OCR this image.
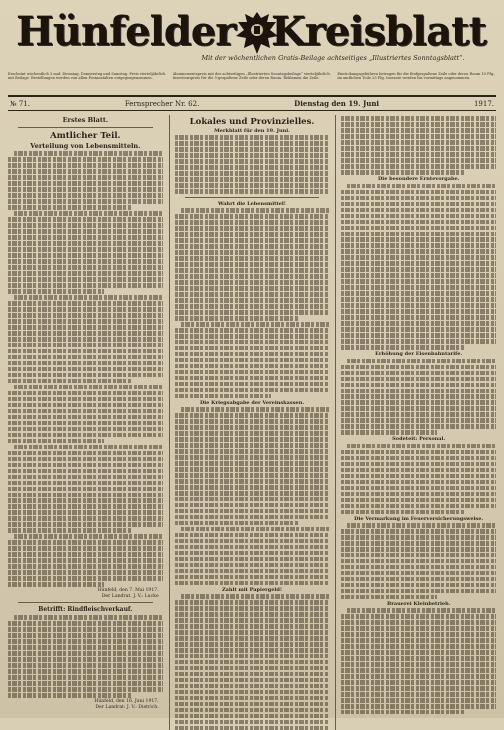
Hünfelder Kreisblatt
Mit der wöchentlichen Gratis-Beilage achtseitiges „Illustriertes Sonntagsblatt“.
Erscheint wöchentlich 3 mal: Dienstag, Donnerstag und Samstag. Preis vierteljährlich mit Beilage. Bestellungen werden von allen Postanstalten entgegengenommen.
Abonnementspreis mit der achtseitigen „Illustrierten Sonntagsbeilage“ vierteljährlich. Insertionspreis für die 5-gespaltene Zeile oder deren Raum. Reklamen die Zeile.
Einrückungsgebühren betragen für die fünfgespaltene Zeile oder deren Raum 10 Pfg., im amtlichen Teile 25 Pfg. Inserate werden bis vormittags angenommen.
№ 71.	Fernsprecher Nr. 62.	Dienstag den 19. Juni	1917.
Erstes Blatt.
Amtlicher Teil.
Verteilung von Lebensmitteln.
Hünfeld, den 7. Mai 1917.
Der Landrat. J. V.: Lucke
Betrifft: Rindfleischverkauf.
Hünfeld, den 16. Juni 1917.
Der Landrat: J. V.: Dietrich.
Lokales und Provinzielles.
Merkblatt für den 19. Juni.
Wahrt die Lebensmittel!
Die Kriegsabgabe der Vereinskassen.
Zahlt mit Papiergeld!
Die besondere Erntevorgabe.
Erhöhung der Eisenbahntarife.
Sodeteit: Personal.
Die Vermarkung im Feuerversicherungsweise.
Brauerei Kleinbetrieb.
